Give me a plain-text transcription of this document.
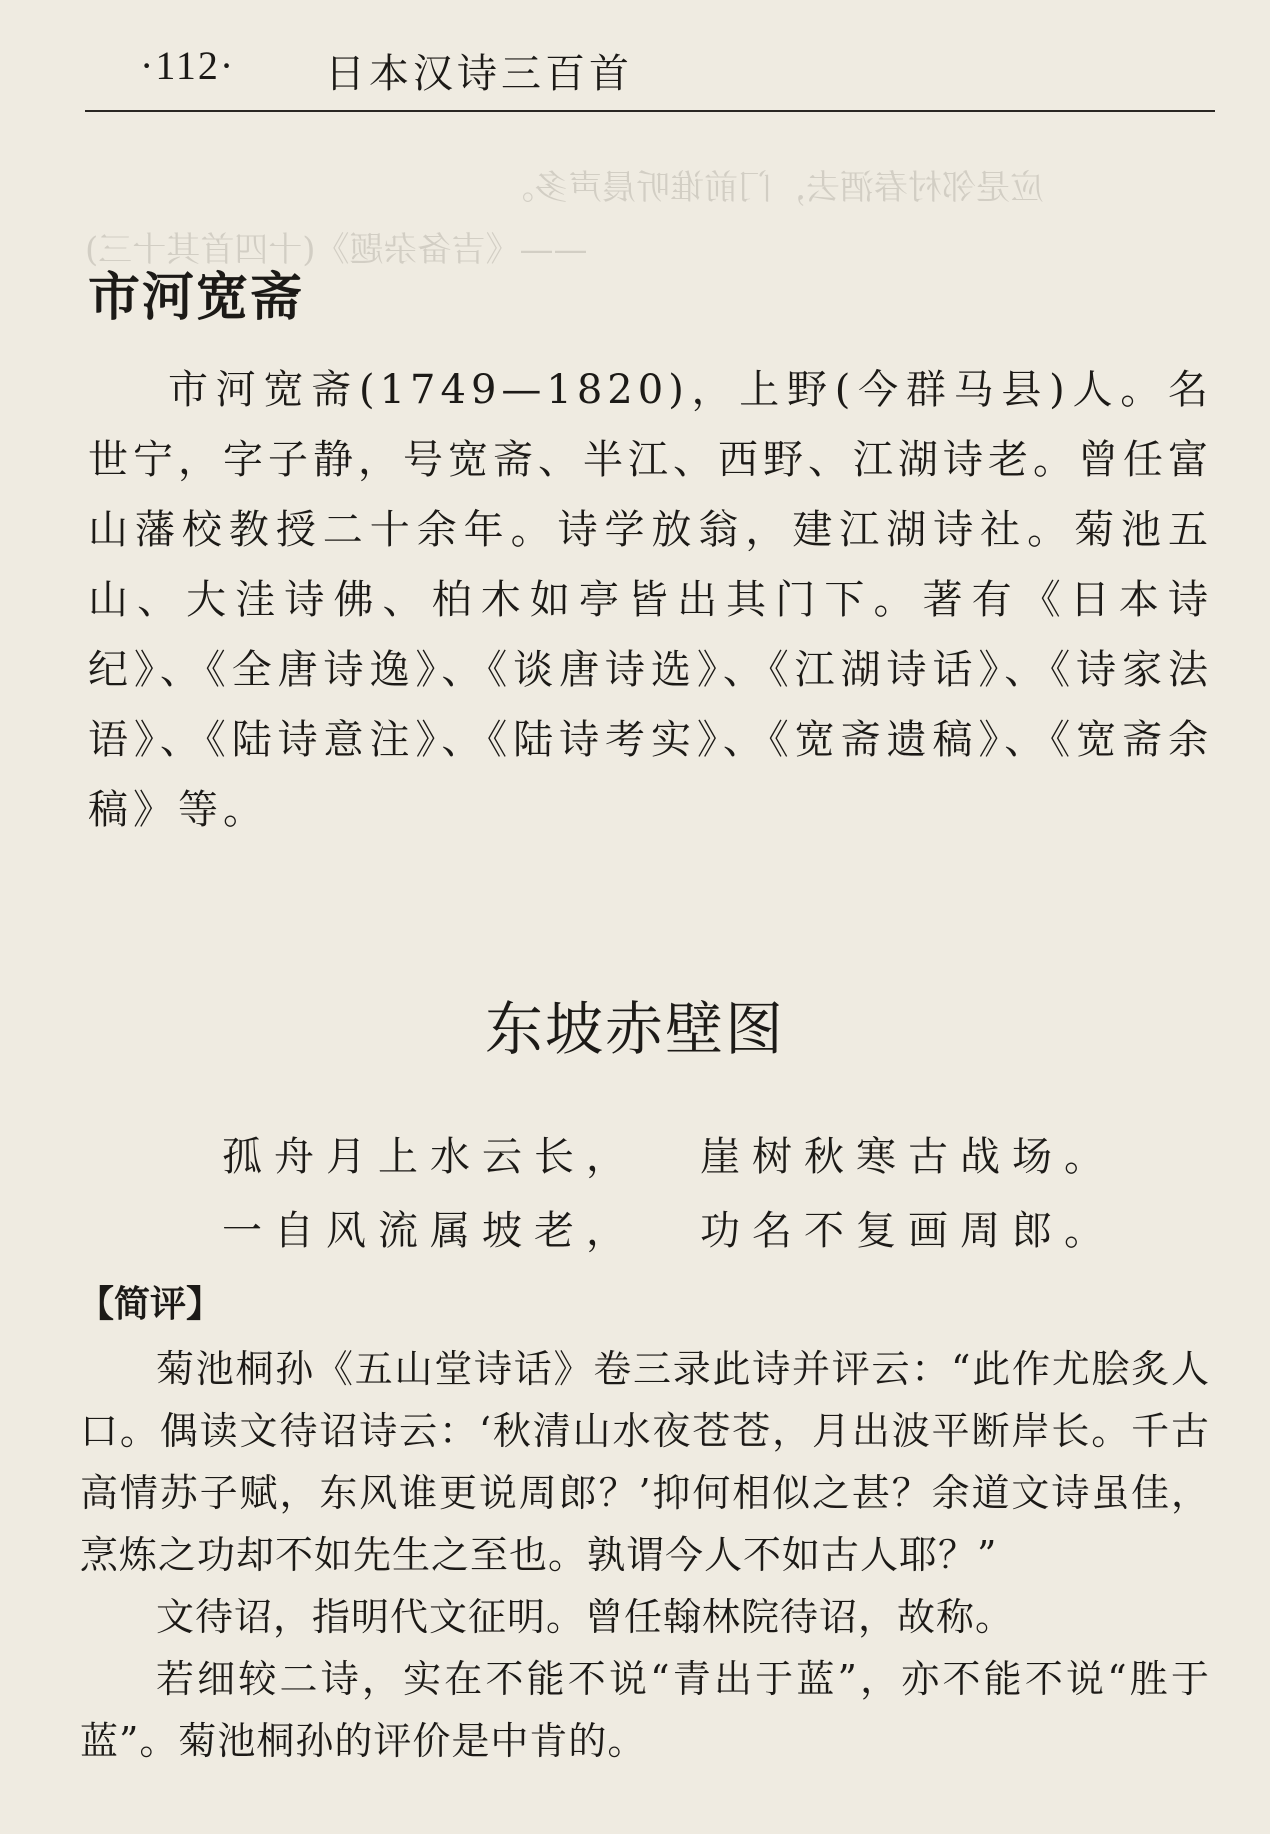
·112· 日本汉诗三百首
应是邻村春酒去，门前谁听晨声多。
——《吉备杂题》(十四首其十三)
市河宽斋

市河宽斋(1749—1820)，上野(今群马县)人。名世宁，字子静，号宽斋、半江、西野、江湖诗老。曾任富山藩校教授二十余年。诗学放翁，建江湖诗社。菊池五山、大洼诗佛、柏木如亭皆出其门下。著有《日本诗纪》、《全唐诗逸》、《谈唐诗选》、《江湖诗话》、《诗家法语》、《陆诗意注》、《陆诗考实》、《宽斋遗稿》、《宽斋余稿》等。

东坡赤壁图
孤舟月上水云长， 崖树秋寒古战场。
一自风流属坡老， 功名不复画周郎。
【简评】

菊池桐孙《五山堂诗话》卷三录此诗并评云：“此作尤脍炙人口。偶读文待诏诗云：‘秋清山水夜苍苍，月出波平断岸长。千古高情苏子赋，东风谁更说周郎？’抑何相似之甚？余道文诗虽佳，烹炼之功却不如先生之至也。孰谓今人不如古人耶？”

文待诏，指明代文征明。曾任翰林院待诏，故称。

若细较二诗，实在不能不说“青出于蓝”，亦不能不说“胜于蓝”。菊池桐孙的评价是中肯的。
